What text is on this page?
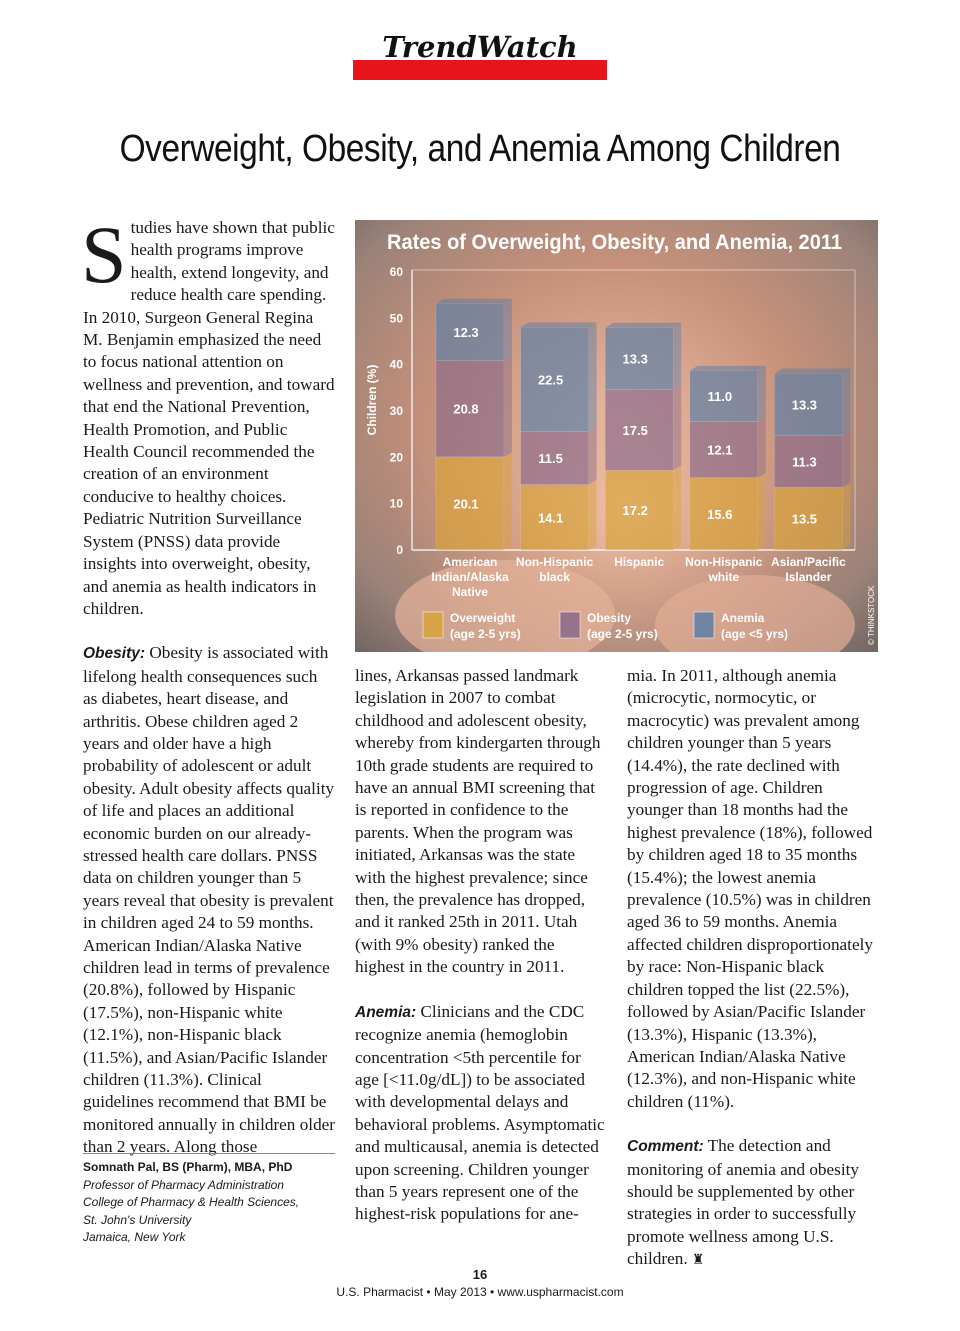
TrendWatch
Overweight, Obesity, and Anemia Among Children

Studies have shown that public health programs improve health, extend longevity, and reduce health care spending. In 2010, Surgeon General Regina M. Benjamin emphasized the need to focus national attention on wellness and prevention, and toward that end the National Prevention, Health Promotion, and Public Health Council recommended the creation of an environment conducive to healthy choices. Pediatric Nutrition Surveillance System (PNSS) data provide insights into overweight, obesity, and anemia as health indicators in children.

Obesity: Obesity is associated with lifelong health consequences such as diabetes, heart disease, and arthritis. Obese children aged 2 years and older have a high probability of adolescent or adult obesity. Adult obesity affects quality of life and places an additional economic burden on our already-stressed health care dollars. PNSS data on children younger than 5 years reveal that obesity is prevalent in children aged 24 to 59 months. American Indian/Alaska Native children lead in terms of prevalence (20.8%), followed by Hispanic (17.5%), non-Hispanic white (12.1%), non-Hispanic black (11.5%), and Asian/Pacific Islander children (11.3%). Clinical guidelines recommend that BMI be monitored annually in children older than 2 years. Along those

Somnath Pal, BS (Pharm), MBA, PhD
Professor of Pharmacy Administration
College of Pharmacy & Health Sciences,
St. John's University
Jamaica, New York
Rates of Overweight, Obesity, and Anemia, 2011
Children (%)
0
10
20
30
40
50
60
20.1
20.8
12.3
American
Indian/Alaska
Native
14.1
11.5
22.5
Non-Hispanic
black
17.2
17.5
13.3
Hispanic
15.6
12.1
11.0
Non-Hispanic
white
13.5
11.3
13.3
Asian/Pacific
Islander
Overweight
(age 2-5 yrs)
Obesity
(age 2-5 yrs)
Anemia
(age <5 yrs)	© THINKSTOCK

lines, Arkansas passed landmark legislation in 2007 to combat childhood and adolescent obesity, whereby from kindergarten through 10th grade students are required to have an annual BMI screening that is reported in confidence to the parents. When the program was initiated, Arkansas was the state with the highest prevalence; since then, the prevalence has dropped, and it ranked 25th in 2011. Utah (with 9% obesity) ranked the highest in the country in 2011.

Anemia: Clinicians and the CDC recognize anemia (hemoglobin concentration <5th percentile for age [<11.0g/dL]) to be associated with developmental delays and behavioral problems. Asymptomatic and multicausal, anemia is detected upon screening. Children younger than 5 years represent one of the highest-risk populations for ane-

mia. In 2011, although anemia (microcytic, normocytic, or macrocytic) was prevalent among children younger than 5 years (14.4%), the rate declined with progression of age. Children younger than 18 months had the highest prevalence (18%), followed by children aged 18 to 35 months (15.4%); the lowest anemia prevalence (10.5%) was in children aged 36 to 59 months. Anemia affected children disproportionately by race: Non-Hispanic black children topped the list (22.5%), followed by Asian/Pacific Islander (13.3%), Hispanic (13.3%), American Indian/Alaska Native (12.3%), and non-Hispanic white children (11%).

Comment: The detection and monitoring of anemia and obesity should be supplemented by other strategies in order to successfully promote wellness among U.S. children. ♜

16
U.S. Pharmacist • May 2013 • www.uspharmacist.com
